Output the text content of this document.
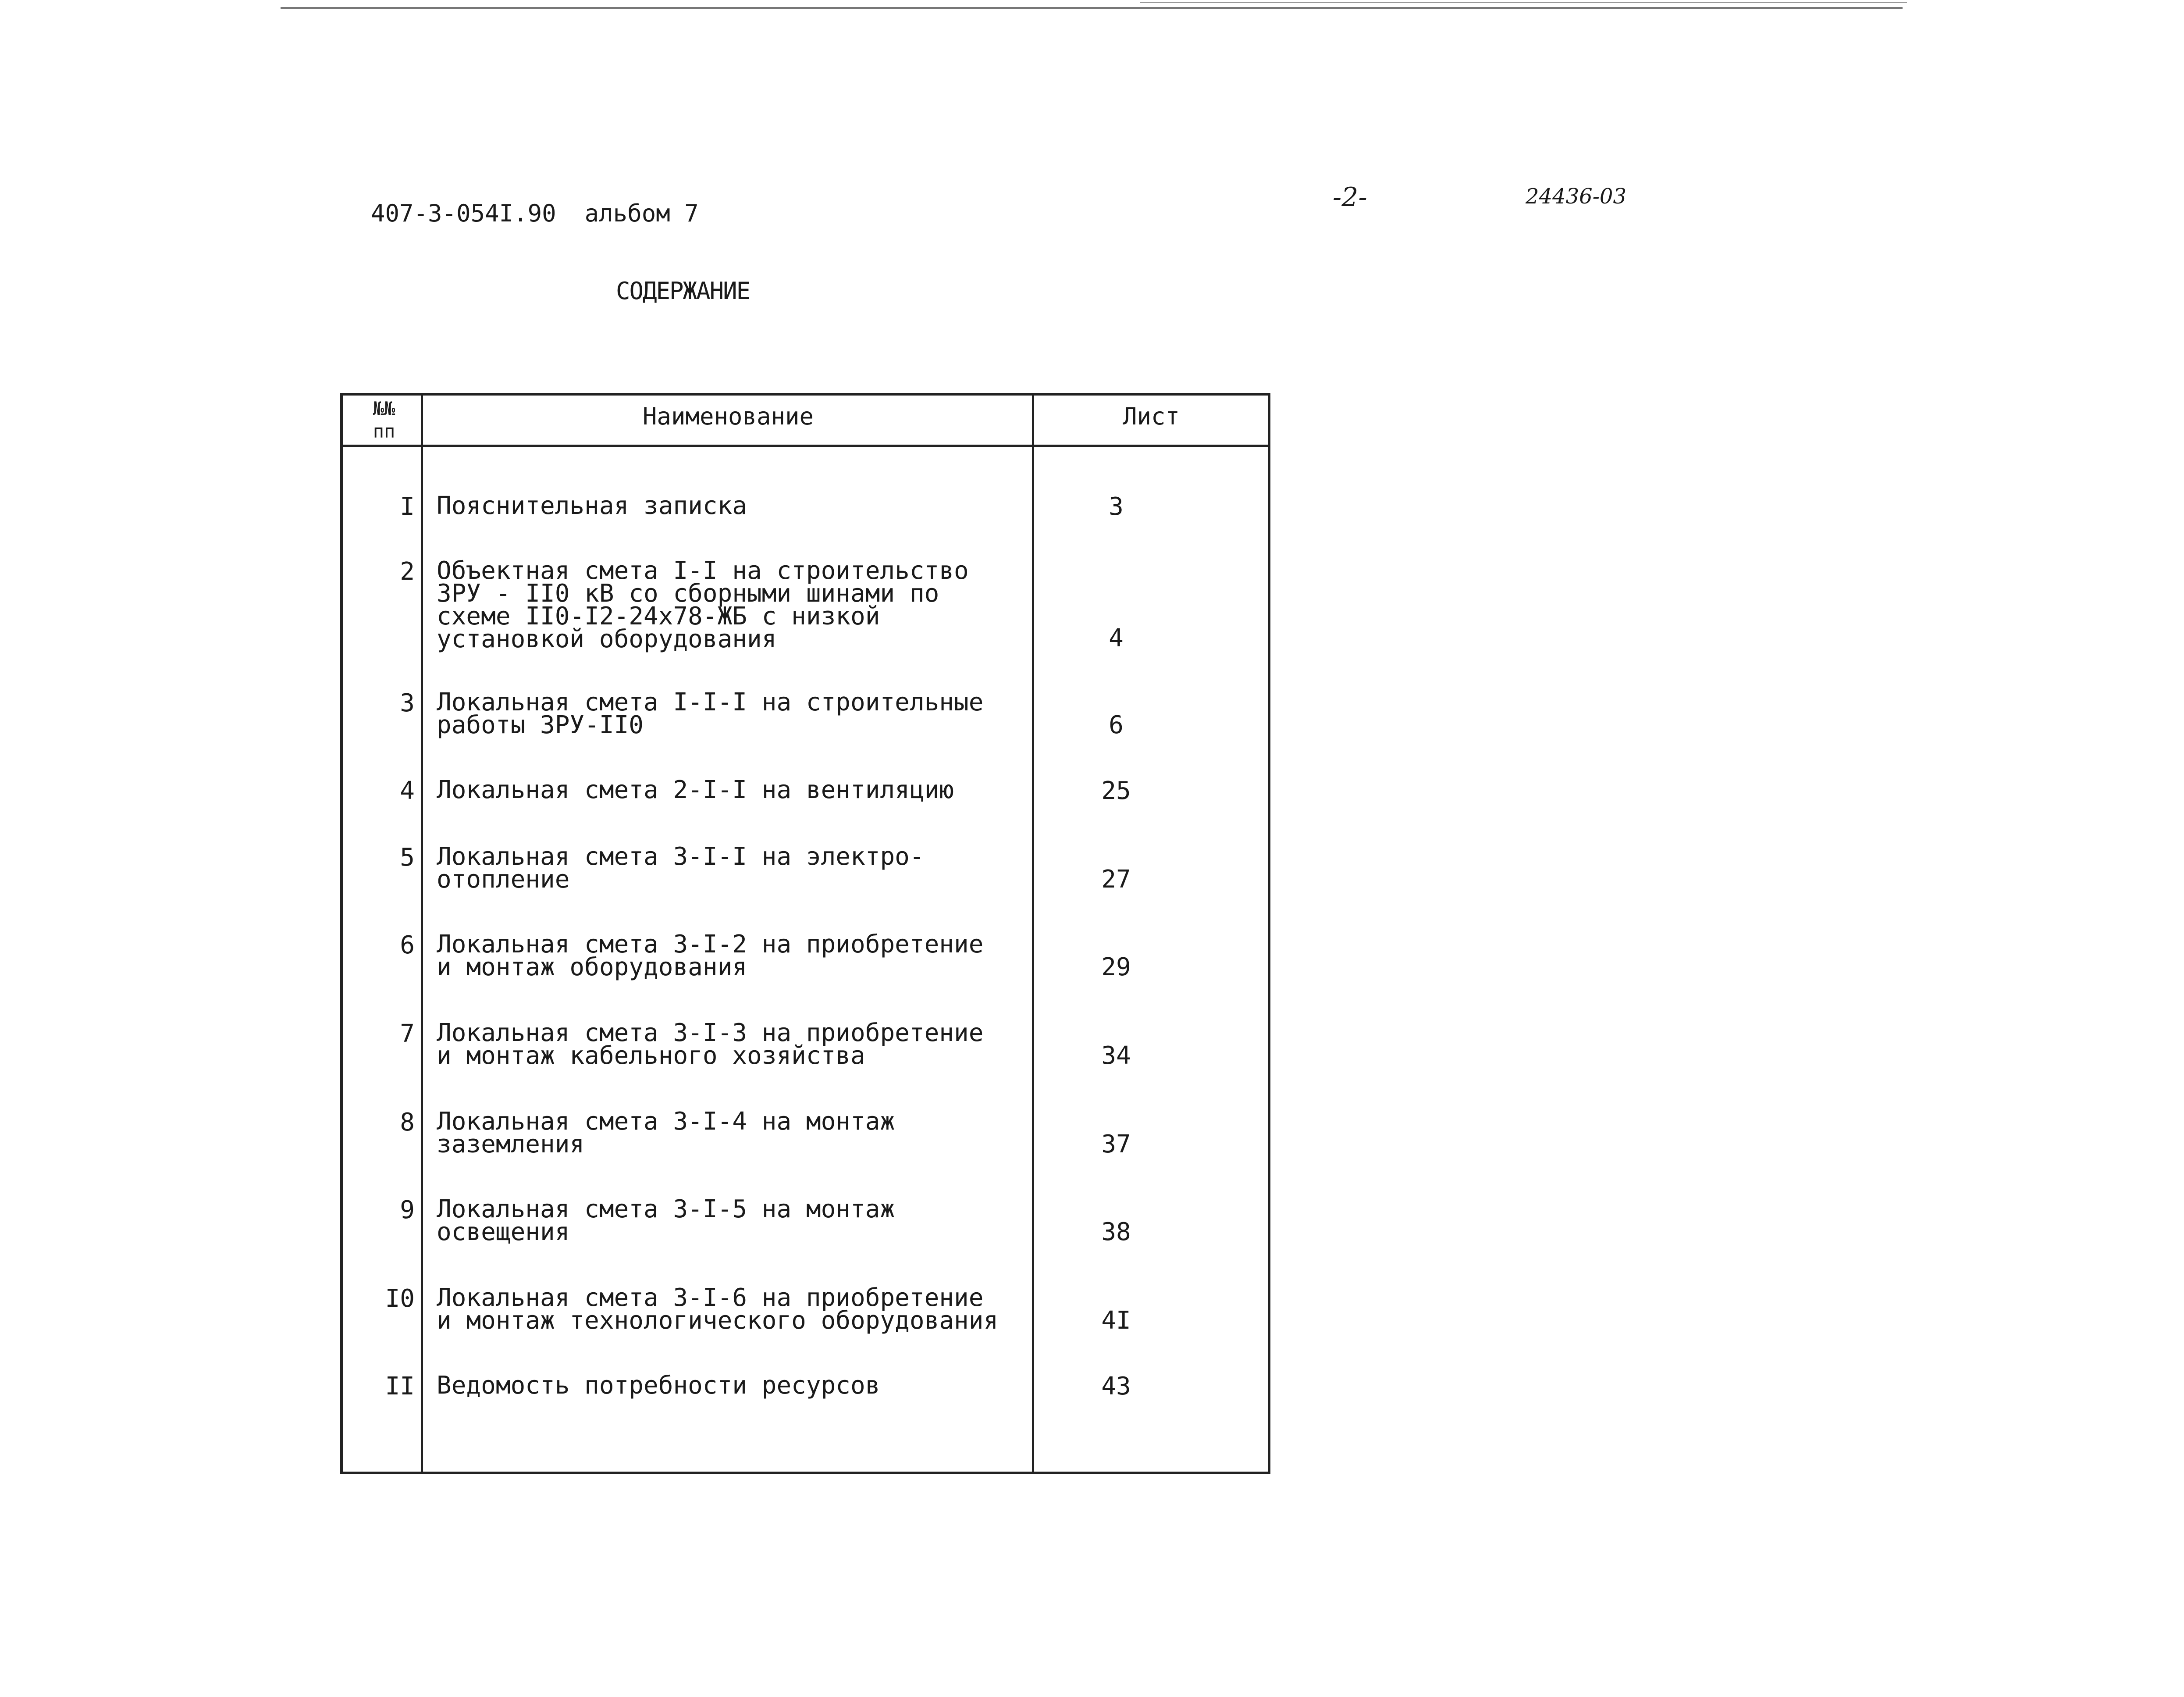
407-3-054I.90  альбом 7
-2-	24436-03
СОДЕРЖАНИЕ
№№
пп
Наименование	Лист
I Пояснительная записка	3
2 Объектная смета I-I на строительство
ЗРУ - II0 кВ со сборными шинами по
схеме II0-I2-24х78-ЖБ с низкой
установкой оборудования	4
3 Локальная смета I-I-I на строительные
работы ЗРУ-II0	6
4 Локальная смета 2-I-I на вентиляцию	25
5 Локальная смета 3-I-I на электро-
отопление	27
6 Локальная смета 3-I-2 на приобретение
и монтаж оборудования	29
7 Локальная смета 3-I-3 на приобретение
и монтаж кабельного хозяйства	34
8 Локальная смета 3-I-4 на монтаж
заземления	37
9 Локальная смета 3-I-5 на монтаж
освещения	38
I0 Локальная смета 3-I-6 на приобретение
и монтаж технологического оборудования	4I
II Ведомость потребности ресурсов	43
